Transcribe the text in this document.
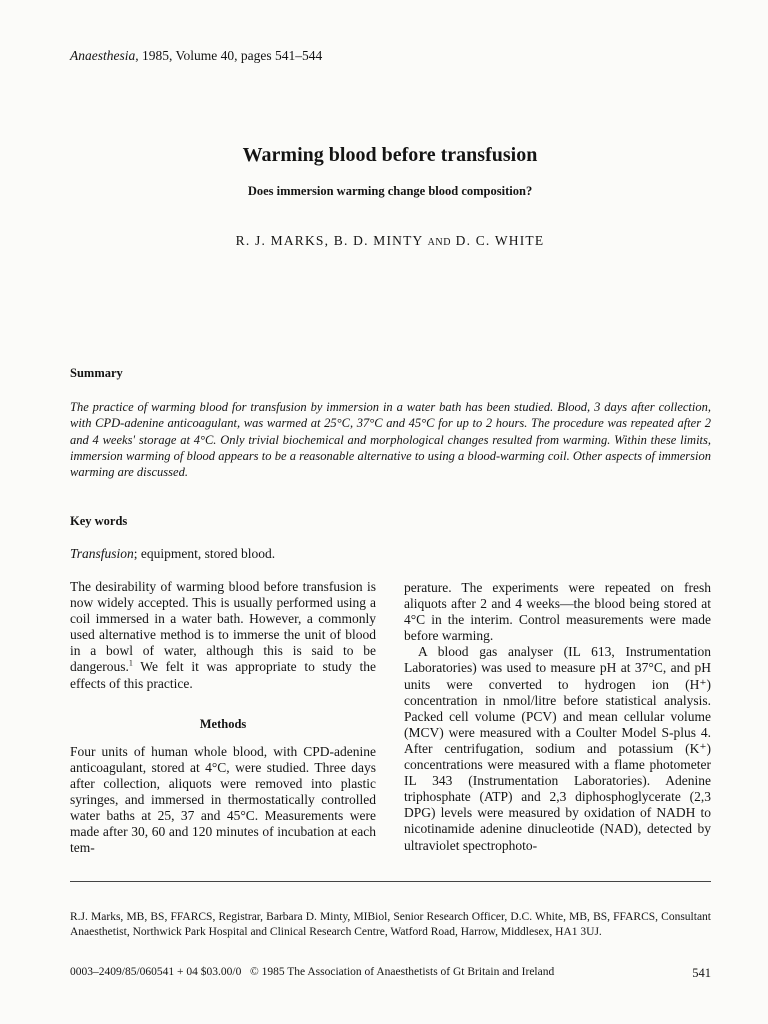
Anaesthesia, 1985, Volume 40, pages 541–544
Warming blood before transfusion
Does immersion warming change blood composition?
R. J. MARKS, B. D. MINTY AND D. C. WHITE
Summary
The practice of warming blood for transfusion by immersion in a water bath has been studied. Blood, 3 days after collection, with CPD-adenine anticoagulant, was warmed at 25°C, 37°C and 45°C for up to 2 hours. The procedure was repeated after 2 and 4 weeks' storage at 4°C. Only trivial biochemical and morphological changes resulted from warming. Within these limits, immersion warming of blood appears to be a reasonable alternative to using a blood-warming coil. Other aspects of immersion warming are discussed.
Key words
Transfusion; equipment, stored blood.

The desirability of warming blood before transfusion is now widely accepted. This is usually performed using a coil immersed in a water bath. However, a commonly used alternative method is to immerse the unit of blood in a bowl of water, although this is said to be dangerous.$^1$ We felt it was appropriate to study the effects of this practice.

Methods

Four units of human whole blood, with CPD-adenine anticoagulant, stored at 4°C, were studied. Three days after collection, aliquots were removed into plastic syringes, and immersed in thermostatically controlled water baths at 25, 37 and 45°C. Measurements were made after 30, 60 and 120 minutes of incubation at each tem-

perature. The experiments were repeated on fresh aliquots after 2 and 4 weeks—the blood being stored at 4°C in the interim. Control measurements were made before warming.

A blood gas analyser (IL 613, Instrumentation Laboratories) was used to measure pH at 37°C, and pH units were converted to hydrogen ion (H⁺) concentration in nmol/litre before statistical analysis. Packed cell volume (PCV) and mean cellular volume (MCV) were measured with a Coulter Model S-plus 4. After centrifugation, sodium and potassium (K⁺) concentrations were measured with a flame photometer IL 343 (Instrumentation Laboratories). Adenine triphosphate (ATP) and 2,3 diphosphoglycerate (2,3 DPG) levels were measured by oxidation of NADH to nicotinamide adenine dinucleotide (NAD), detected by ultraviolet spectrophoto-

R.J. Marks, MB, BS, FFARCS, Registrar, Barbara D. Minty, MIBiol, Senior Research Officer, D.C. White, MB, BS, FFARCS, Consultant Anaesthetist, Northwick Park Hospital and Clinical Research Centre, Watford Road, Harrow, Middlesex, HA1 3UJ.
0003–2409/85/060541 + 04 $03.00/0 © 1985 The Association of Anaesthetists of Gt Britain and Ireland	541
